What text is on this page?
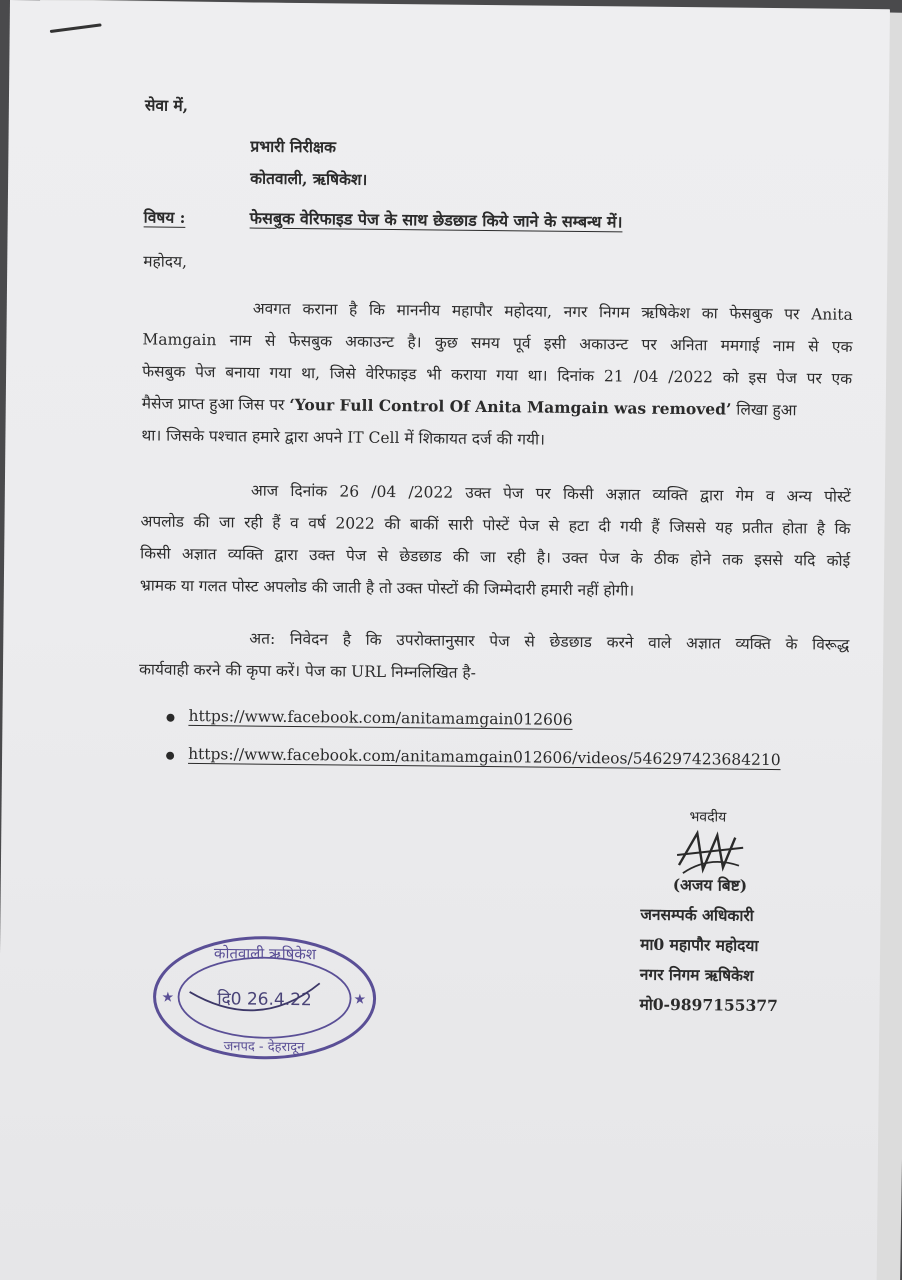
सेवा में,
प्रभारी निरीक्षक
कोतवाली, ऋषिकेश।
विषय :	फेसबुक वेरिफाइड पेज के साथ छेडछाड किये जाने के सम्बन्ध में।
महोदय,
अवगत कराना है कि माननीय महापौर महोदया, नगर निगम ऋषिकेश का फेसबुक पर Anita
Mamgain नाम से फेसबुक अकाउन्ट है। कुछ समय पूर्व इसी अकाउन्ट पर अनिता ममगाई नाम से एक
फेसबुक पेज बनाया गया था, जिसे वेरिफाइड भी कराया गया था। दिनांक 21 /04 /2022 को इस पेज पर एक
मैसेज प्राप्त हुआ जिस पर ‘Your Full Control Of Anita Mamgain was removed’ लिखा हुआ
था। जिसके पश्चात हमारे द्वारा अपने IT Cell में शिकायत दर्ज की गयी।
आज दिनांक 26 /04 /2022 उक्त पेज पर किसी अज्ञात व्यक्ति द्वारा गेम व अन्य पोस्टें
अपलोड की जा रही हैं व वर्ष 2022 की बाकीं सारी पोस्टें पेज से हटा दी गयी हैं जिससे यह प्रतीत होता है कि
किसी अज्ञात व्यक्ति द्वारा उक्त पेज से छेडछाड की जा रही है। उक्त पेज के ठीक होने तक इससे यदि कोई
भ्रामक या गलत पोस्ट अपलोड की जाती है तो उक्त पोस्टों की जिम्मेदारी हमारी नहीं होगी।
अत: निवेदन है कि उपरोक्तानुसार पेज से छेडछाड करने वाले अज्ञात व्यक्ति के विरूद्ध
कार्यवाही करने की कृपा करें। पेज का URL निम्नलिखित है-
https://www.facebook.com/anitamamgain012606
https://www.facebook.com/anitamamgain012606/videos/546297423684210
भवदीय
(अजय बिष्ट)
जनसम्पर्क अधिकारी
मा0 महापौर महोदया
नगर निगम ऋषिकेश
मो0-9897155377
★	★
कोतवाली ऋषिकेश
दि0 26.4.22
जनपद - देहरादून
